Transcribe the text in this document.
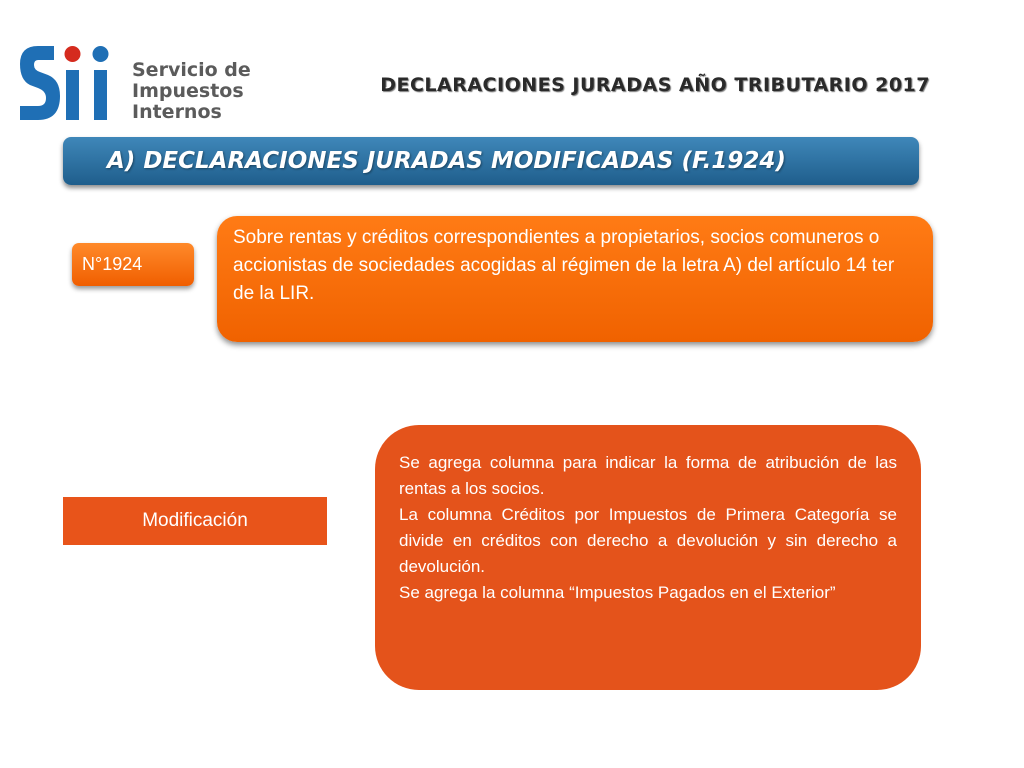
Servicio de
Impuestos
Internos
DECLARACIONES JURADAS AÑO TRIBUTARIO 2017
A) DECLARACIONES JURADAS MODIFICADAS (F.1924)
N°1924
Sobre rentas y créditos correspondientes a propietarios, socios comuneros o accionistas de sociedades acogidas al régimen de la letra A) del artículo 14 ter de la LIR.
Modificación

Se agrega columna para indicar la forma de atribución de las rentas a los socios.

La columna Créditos por Impuestos de Primera Categoría se divide en créditos con derecho a devolución y sin derecho a devolución.

Se agrega la columna “Impuestos Pagados en el Exterior”
